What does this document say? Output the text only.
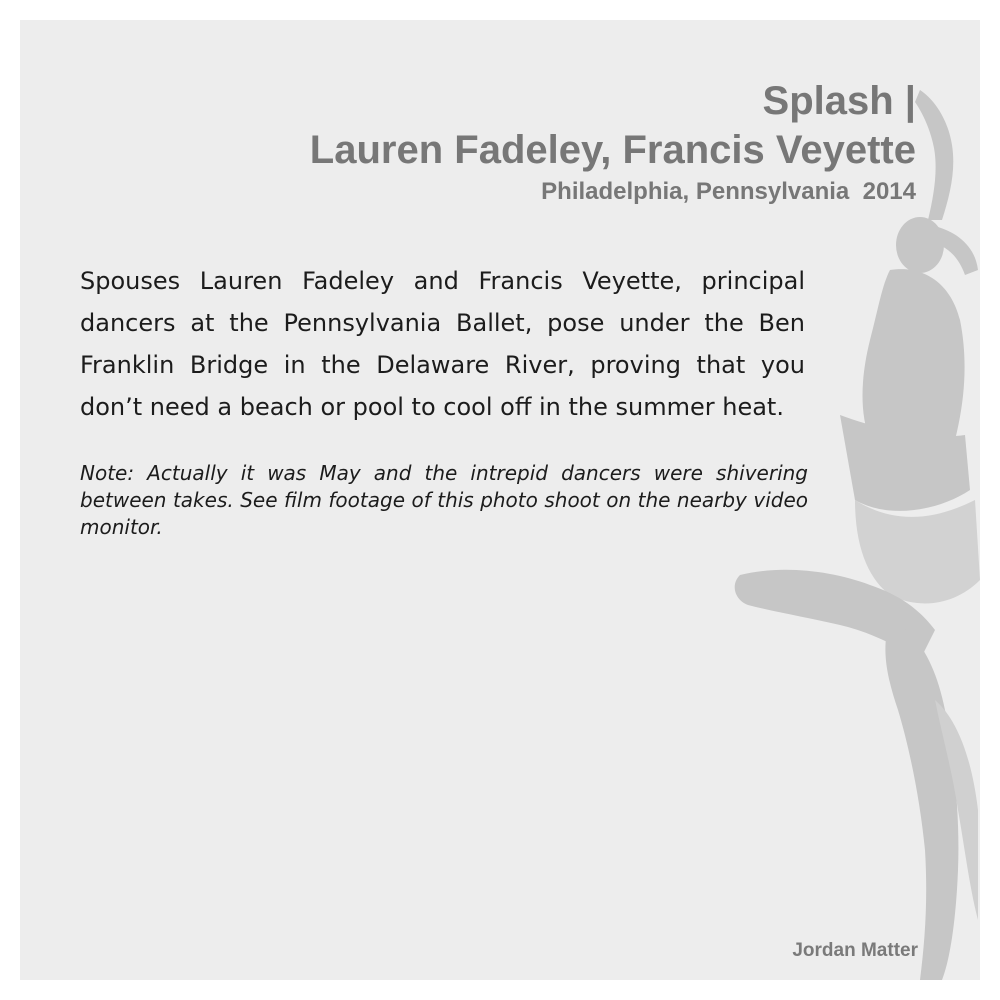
Splash |

Lauren Fadeley, Francis Veyette

Philadelphia, Pennsylvania  2014

Spouses Lauren Fadeley and Francis Veyette, principal dancers at the Pennsylvania Ballet, pose under the Ben Franklin Bridge in the Delaware River, proving that you don’t need a beach or pool to cool off in the summer heat.

Note: Actually it was May and the intrepid dancers were shivering between takes. See film footage of this photo shoot on the nearby video monitor.

Jordan Matter
